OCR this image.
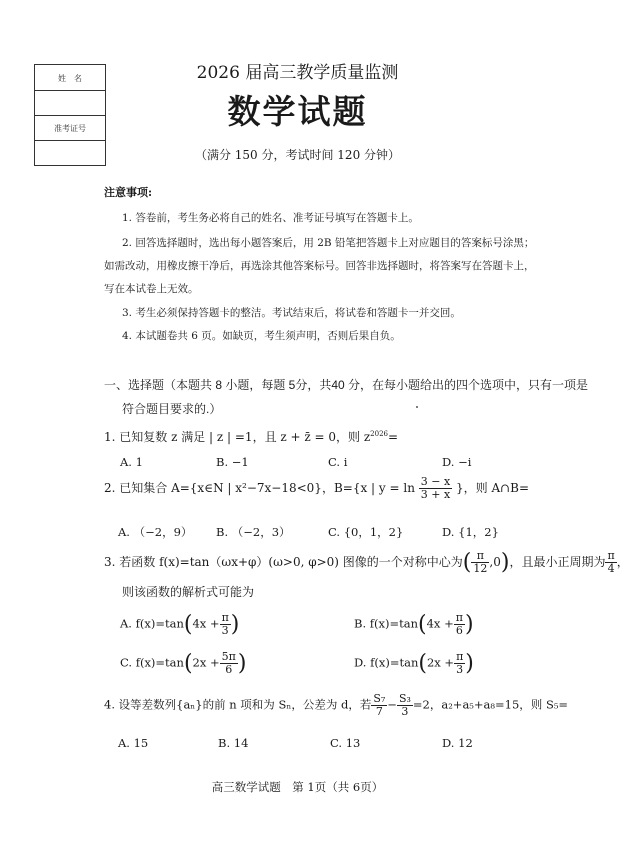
姓　名
准考证号
2026 届高三教学质量监测
数学试题
（满分 150 分，考试时间 120 分钟）
注意事项:
1. 答卷前，考生务必将自己的姓名、准考证号填写在答题卡上。
2. 回答选择题时，选出每小题答案后，用 2B 铅笔把答题卡上对应题目的答案标号涂黑；
如需改动，用橡皮擦干净后，再选涂其他答案标号。回答非选择题时，将答案写在答题卡上，
写在本试卷上无效。
3. 考生必须保持答题卡的整洁。考试结束后，将试卷和答题卡一并交回。
4. 本试题卷共 6 页。如缺页，考生须声明，否则后果自负。
一、选择题（本题共 8 小题，每题 5分，共40 分，在每小题给出的四个选项中，只有一项是
符合题目要求的.）
1. 已知复数 z 满足 | z | =1，且 z + z̄ = 0，则 $z^{2026}=$
A. 1	B. −1	C. i	D. −i
2. 已知集合 A={x∈N | x²−7x−18<0}，B={x | $y = \ln \frac{3 - x}{3 + x}$ }，则 A∩B=
A. （−2，9） B. （−2，3）	C. {0，1，2}	D. {1，2}
3. 若函数 f(x)=tan（ωx+φ）(ω>0, φ>0) 图像的一个对称中心为( $\frac{\pi}{12} ,0$)，且最小正周期为 $\frac{\pi}{4}$ ，
则该函数的解析式可能为
A. $f(x)=\tan(4x + \frac{\pi}{3}$ )	B. $f(x)=\tan(4x + \frac{\pi}{6}$ )
C. $f(x)=\tan(2x + \frac{5\pi}{6}$ )	D. $f(x)=\tan(2x + \frac{\pi}{3}$ )
4. 设等差数列{aₙ}的前 n 项和为 Sₙ，公差为 d，若 $\frac{\text{S₇}}{7} - \frac{\text{S₃}}{3} =2$，a₂+a₅+a₈=15，则 S₅=
A. 15	B. 14	C. 13	D. 12
高三数学试题　第 1页（共 6页）
